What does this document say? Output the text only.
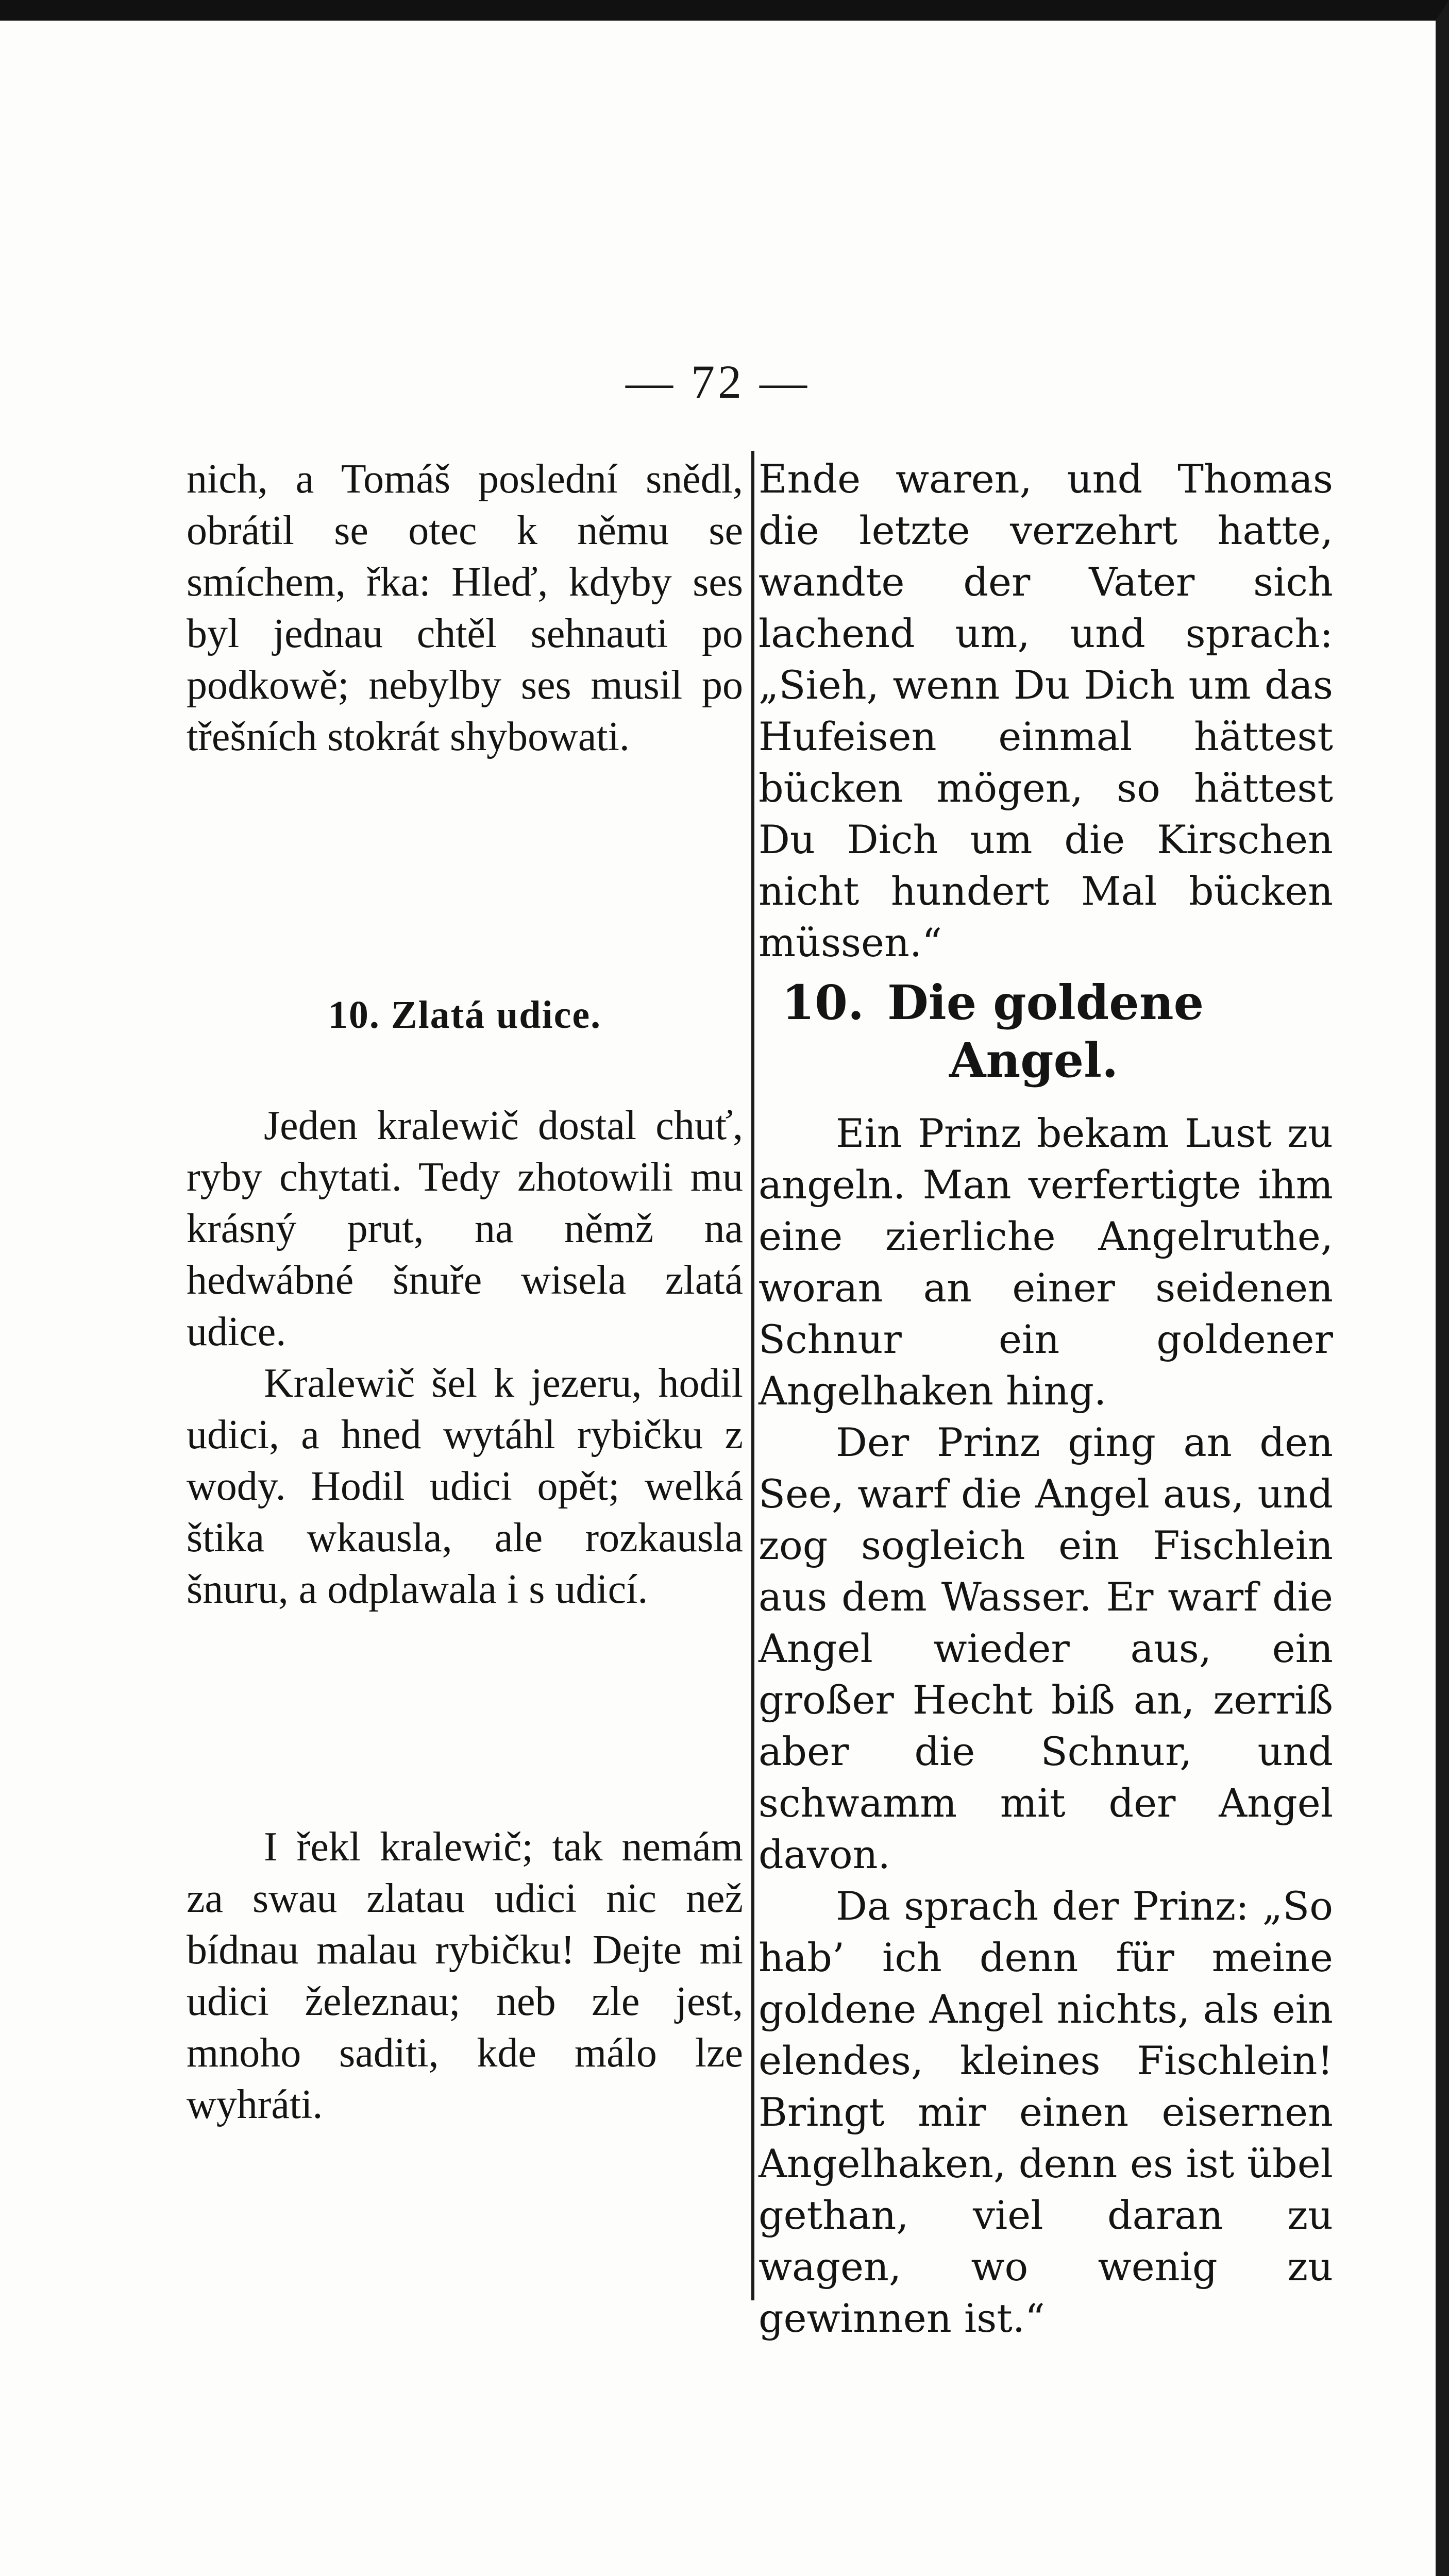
— 72 —

nich, a Tomáš poslední snědl, obrátil se otec k němu se smíchem, řka: Hleď, kdyby ses byl jednau chtěl sehnauti po podkowě; nebylby ses musil po třešních stokrát shybowati.

10. Zlatá udice.

Jeden kralewič dostal chuť, ryby chytati. Tedy zhotowili mu krásný prut, na němž na hedwábné šnuře wisela zlatá udice.

Kralewič šel k jezeru, hodil udici, a hned wytáhl rybičku z wody. Hodil udici opět; welká štika wkausla, ale rozkausla šnuru, a odplawala i s udicí.

I řekl kralewič; tak nemám za swau zlatau udici nic než bídnau malau rybičku! Dejte mi udici železnau; neb zle jest, mnoho saditi, kde málo lze wyhráti.

Ende waren, und Thomas die letzte verzehrt hatte, wandte der Vater sich lachend um, und sprach: „Sieh, wenn Du Dich um das Hufeisen einmal hättest bücken mögen, so hättest Du Dich um die Kirschen nicht hundert Mal bücken müssen.“

10. Die goldene
Angel.

Ein Prinz bekam Lust zu angeln. Man verfertigte ihm eine zierliche Angelruthe, woran an einer seidenen Schnur ein goldener Angelhaken hing.

Der Prinz ging an den See, warf die Angel aus, und zog sogleich ein Fischlein aus dem Wasser. Er warf die Angel wieder aus, ein großer Hecht biß an, zerriß aber die Schnur, und schwamm mit der Angel davon.

Da sprach der Prinz: „So hab’ ich denn für meine goldene Angel nichts, als ein elendes, kleines Fischlein! Bringt mir einen eisernen Angelhaken, denn es ist übel gethan, viel daran zu wagen, wo wenig zu gewinnen ist.“
